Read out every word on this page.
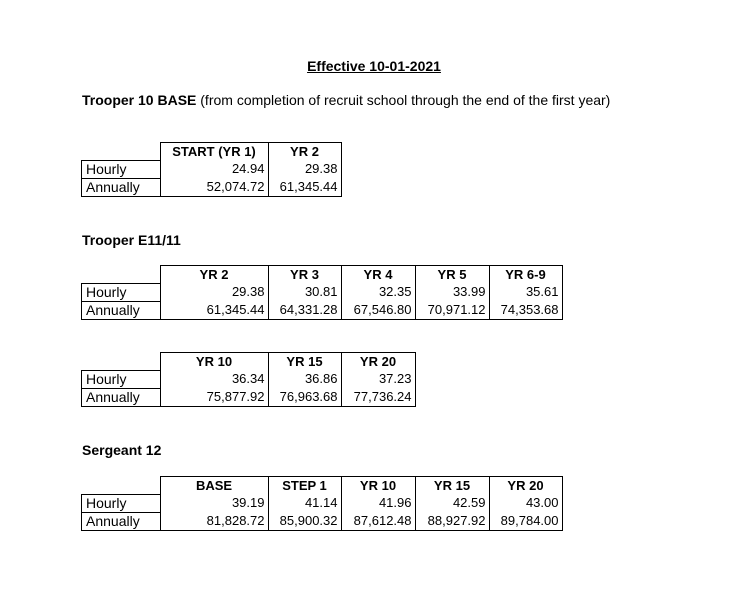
Effective 10-01-2021
Trooper 10 BASE (from completion of recruit school through the end of the first year)
	START (YR 1)	YR 2
Hourly	24.94	29.38
Annually	52,074.72	61,345.44
Trooper E11/11
	YR 2	YR 3	YR 4	YR 5	YR 6-9
Hourly	29.38	30.81	32.35	33.99	35.61
Annually	61,345.44	64,331.28	67,546.80	70,971.12	74,353.68
	YR 10	YR 15	YR 20
Hourly	36.34	36.86	37.23
Annually	75,877.92	76,963.68	77,736.24
Sergeant 12
	BASE	STEP 1	YR 10	YR 15	YR 20
Hourly	39.19	41.14	41.96	42.59	43.00
Annually	81,828.72	85,900.32	87,612.48	88,927.92	89,784.00
